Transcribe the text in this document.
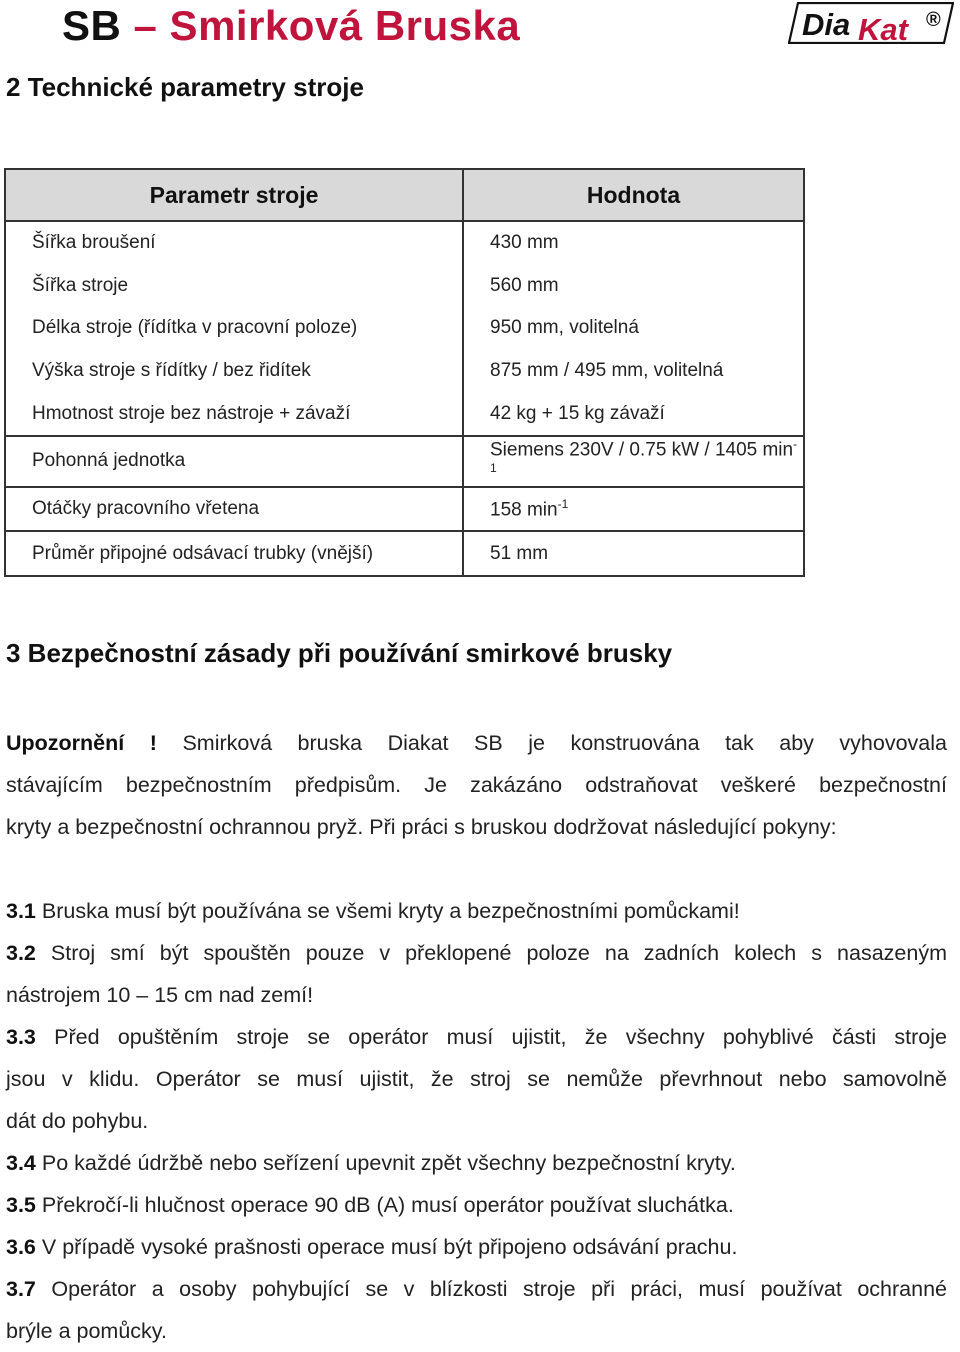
SB – Smirková Bruska	Dia Kat ®
2 Technické parametry stroje
Parametr stroje	Hodnota
Šířka broušení	430 mm
Šířka stroje	560 mm
Délka stroje (řídítka v pracovní poloze)	950 mm, volitelná
Výška stroje s řídítky / bez řidítek	875 mm / 495 mm, volitelná
Hmotnost stroje bez nástroje + závaží	42 kg + 15 kg závaží
Pohonná jednotka	Siemens 230V / 0.75 kW / 1405 $\min^{-1}$
Otáčky pracovního vřetena	158 $\min^{-1}$
Průměr připojné odsávací trubky (vnější)	51 mm
3 Bezpečnostní zásady při používání smirkové brusky
Upozornění ! Smirková bruska Diakat SB je konstruována tak aby vyhovovala
stávajícím bezpečnostním předpisům. Je zakázáno odstraňovat veškeré bezpečnostní
kryty a bezpečnostní ochrannou pryž. Při práci s bruskou dodržovat následující pokyny:
3.1 Bruska musí být používána se všemi kryty a bezpečnostními pomůckami!
3.2 Stroj smí být spouštěn pouze v překlopené poloze na zadních kolech s nasazeným
nástrojem 10 – 15 cm nad zemí!
3.3 Před opuštěním stroje se operátor musí ujistit, že všechny pohyblivé části stroje
jsou v klidu. Operátor se musí ujistit, že stroj se nemůže převrhnout nebo samovolně
dát do pohybu.
3.4 Po každé údržbě nebo seřízení upevnit zpět všechny bezpečnostní kryty.
3.5 Překročí-li hlučnost operace 90 dB (A) musí operátor používat sluchátka.
3.6 V případě vysoké prašnosti operace musí být připojeno odsávání prachu.
3.7 Operátor a osoby pohybující se v blízkosti stroje při práci, musí používat ochranné
brýle a pomůcky.
